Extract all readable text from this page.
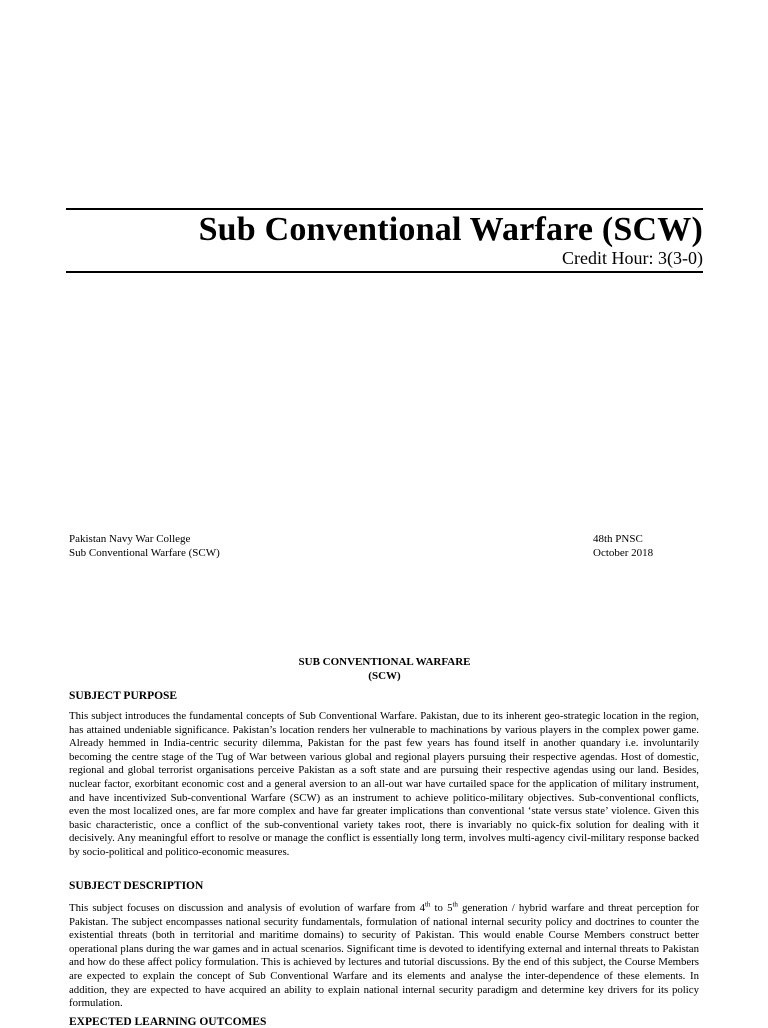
Sub Conventional Warfare (SCW)
Credit Hour: 3(3-0)
Pakistan Navy War College
Sub Conventional Warfare (SCW)
48th PNSC
October 2018
SUB CONVENTIONAL WARFARE
(SCW)
SUBJECT PURPOSE
This subject introduces the fundamental concepts of Sub Conventional Warfare. Pakistan, due to its inherent geo-strategic location in the region, has attained undeniable significance. Pakistan’s location renders her vulnerable to machinations by various players in the complex power game. Already hemmed in India-centric security dilemma, Pakistan for the past few years has found itself in another quandary i.e. involuntarily becoming the centre stage of the Tug of War between various global and regional players pursuing their respective agendas. Host of domestic, regional and global terrorist organisations perceive Pakistan as a soft state and are pursuing their respective agendas using our land. Besides, nuclear factor, exorbitant economic cost and a general aversion to an all-out war have curtailed space for the application of military instrument, and have incentivized Sub-conventional Warfare (SCW) as an instrument to achieve politico-military objectives. Sub-conventional conflicts, even the most localized ones, are far more complex and have far greater implications than conventional ‘state versus state’ violence. Given this basic characteristic, once a conflict of the sub-conventional variety takes root, there is invariably no quick-fix solution for dealing with it decisively. Any meaningful effort to resolve or manage the conflict is essentially long term, involves multi-agency civil-military response backed by socio-political and politico-economic measures.
SUBJECT DESCRIPTION
This subject focuses on discussion and analysis of evolution of warfare from 4th to 5th generation / hybrid warfare and threat perception for Pakistan. The subject encompasses national security fundamentals, formulation of national internal security policy and doctrines to counter the existential threats (both in territorial and maritime domains) to security of Pakistan. This would enable Course Members construct better operational plans during the war games and in actual scenarios. Significant time is devoted to identifying external and internal threats to Pakistan and how do these affect policy formulation. This is achieved by lectures and tutorial discussions. By the end of this subject, the Course Members are expected to explain the concept of Sub Conventional Warfare and its elements and analyse the inter-dependence of these elements. In addition, they are expected to have acquired an ability to explain national internal security paradigm and determine key drivers for its policy formulation.
EXPECTED LEARNING OUTCOMES
